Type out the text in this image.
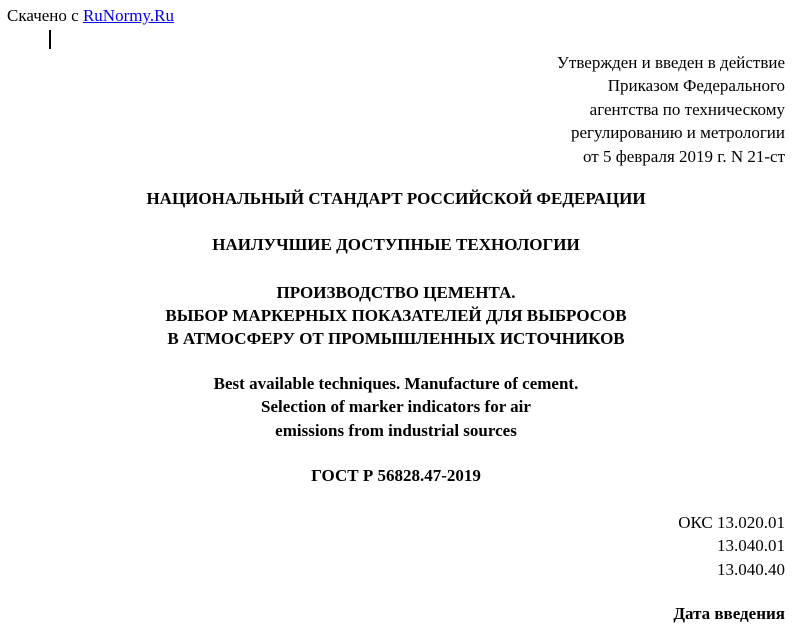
Скачено с RuNormy.Ru
Утвержден и введен в действие
Приказом Федерального
агентства по техническому
регулированию и метрологии
от 5 февраля 2019 г. N 21-ст
НАЦИОНАЛЬНЫЙ СТАНДАРТ РОССИЙСКОЙ ФЕДЕРАЦИИ
НАИЛУЧШИЕ ДОСТУПНЫЕ ТЕХНОЛОГИИ
ПРОИЗВОДСТВО ЦЕМЕНТА.
ВЫБОР МАРКЕРНЫХ ПОКАЗАТЕЛЕЙ ДЛЯ ВЫБРОСОВ
В АТМОСФЕРУ ОТ ПРОМЫШЛЕННЫХ ИСТОЧНИКОВ
Best available techniques. Manufacture of cement.
Selection of marker indicators for air
emissions from industrial sources
ГОСТ Р 56828.47-2019
ОКС 13.020.01
13.040.01
13.040.40
Дата введения
